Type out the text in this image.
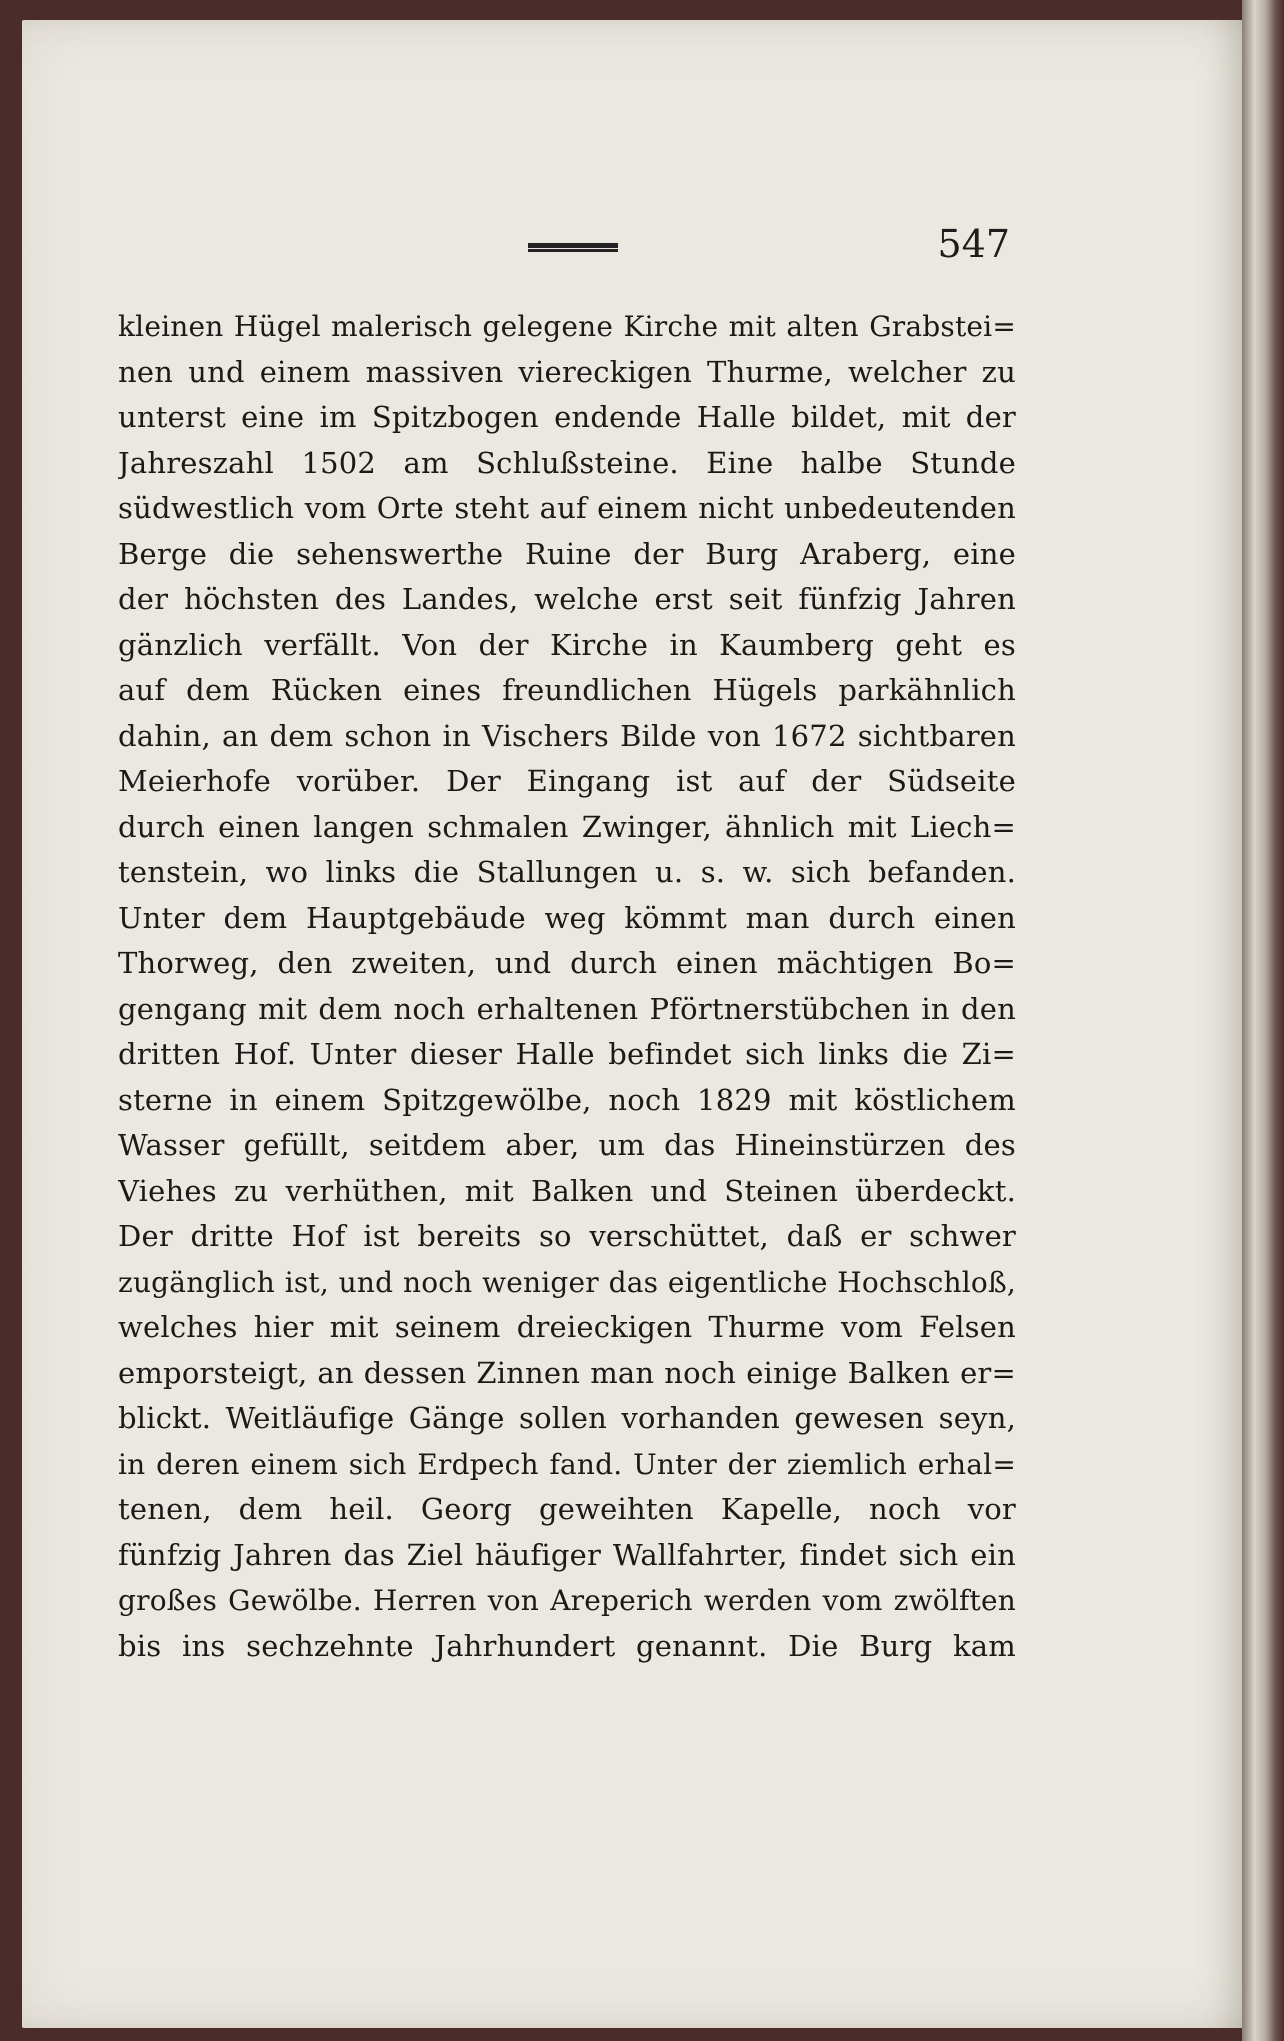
547
kleinen Hügel malerisch gelegene Kirche mit alten Grabstei=
nen und einem massiven viereckigen Thurme, welcher zu
unterst eine im Spitzbogen endende Halle bildet, mit der
Jahreszahl 1502 am Schlußsteine. Eine halbe Stunde
südwestlich vom Orte steht auf einem nicht unbedeutenden
Berge die sehenswerthe Ruine der Burg Araberg, eine
der höchsten des Landes, welche erst seit fünfzig Jahren
gänzlich verfällt. Von der Kirche in Kaumberg geht es
auf dem Rücken eines freundlichen Hügels parkähnlich
dahin, an dem schon in Vischers Bilde von 1672 sichtbaren
Meierhofe vorüber. Der Eingang ist auf der Südseite
durch einen langen schmalen Zwinger, ähnlich mit Liech=
tenstein, wo links die Stallungen u. s. w. sich befanden.
Unter dem Hauptgebäude weg kömmt man durch einen
Thorweg, den zweiten, und durch einen mächtigen Bo=
gengang mit dem noch erhaltenen Pförtnerstübchen in den
dritten Hof. Unter dieser Halle befindet sich links die Zi=
sterne in einem Spitzgewölbe, noch 1829 mit köstlichem
Wasser gefüllt, seitdem aber, um das Hineinstürzen des
Viehes zu verhüthen, mit Balken und Steinen überdeckt.
Der dritte Hof ist bereits so verschüttet, daß er schwer
zugänglich ist, und noch weniger das eigentliche Hochschloß,
welches hier mit seinem dreieckigen Thurme vom Felsen
emporsteigt, an dessen Zinnen man noch einige Balken er=
blickt. Weitläufige Gänge sollen vorhanden gewesen seyn,
in deren einem sich Erdpech fand. Unter der ziemlich erhal=
tenen, dem heil. Georg geweihten Kapelle, noch vor
fünfzig Jahren das Ziel häufiger Wallfahrter, findet sich ein
großes Gewölbe. Herren von Areperich werden vom zwölften
bis ins sechzehnte Jahrhundert genannt. Die Burg kam
